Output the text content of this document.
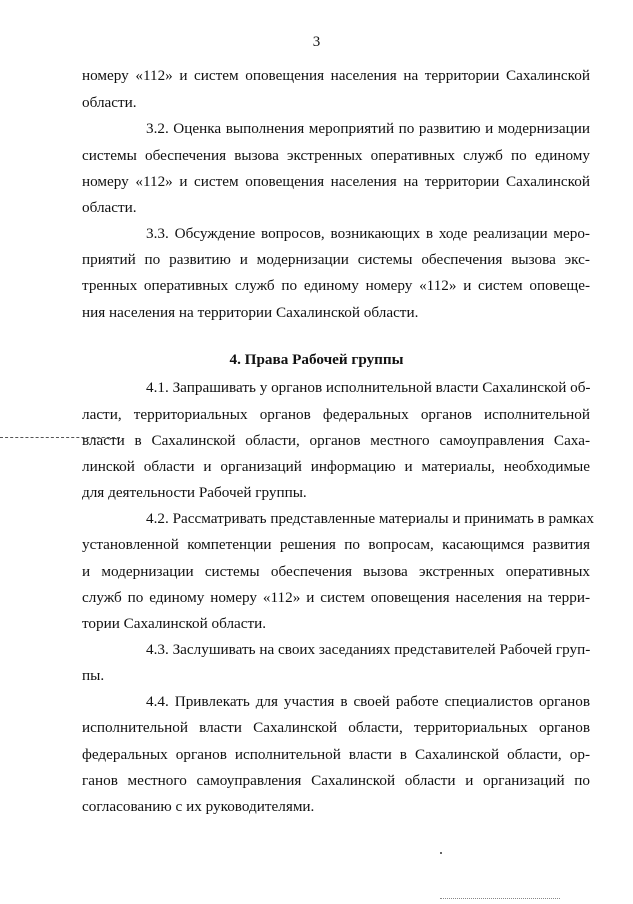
3
номеру «112» и систем оповещения населения на территории Сахалинской
области.
3.2. Оценка выполнения мероприятий по развитию и модернизации
системы обеспечения вызова экстренных оперативных служб по единому
номеру «112» и систем оповещения населения на территории Сахалинской
области.
3.3. Обсуждение вопросов, возникающих в ходе реализации меро-
приятий по развитию и модернизации системы обеспечения вызова экс-
тренных оперативных служб по единому номеру «112» и систем оповеще-
ния населения на территории Сахалинской области.
4. Права Рабочей группы
4.1. Запрашивать у органов исполнительной власти Сахалинской об-
ласти, территориальных органов федеральных органов исполнительной
власти в Сахалинской области, органов местного самоуправления Саха-
линской области и организаций информацию и материалы, необходимые
для деятельности Рабочей группы.
4.2. Рассматривать представленные материалы и принимать в рамках
установленной компетенции решения по вопросам, касающимся развития
и модернизации системы обеспечения вызова экстренных оперативных
служб по единому номеру «112» и систем оповещения населения на терри-
тории Сахалинской области.
4.3. Заслушивать на своих заседаниях представителей Рабочей груп-
пы.
4.4. Привлекать для участия в своей работе специалистов органов
исполнительной власти Сахалинской области, территориальных органов
федеральных органов исполнительной власти в Сахалинской области, ор-
ганов местного самоуправления Сахалинской области и организаций по
согласованию с их руководителями.
